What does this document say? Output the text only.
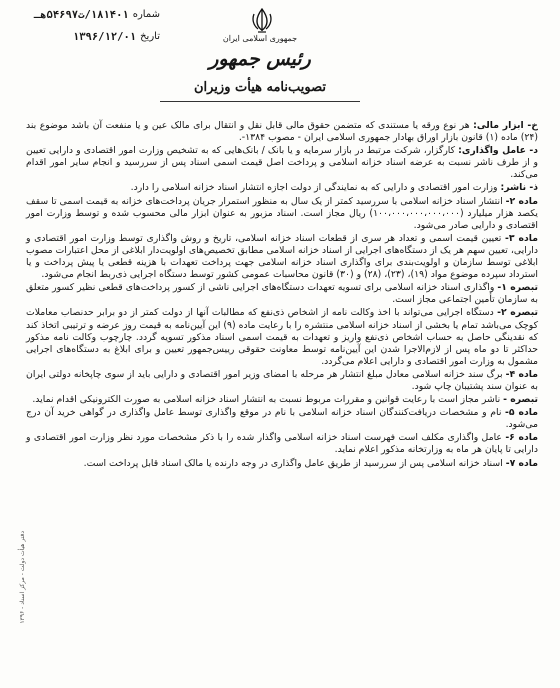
شماره
۱۸۱۴۰۱/ت۵۴۶۹۷هـ
تاریخ
۱۳۹۶/۱۲/۰۱	جمهوری اسلامی ایران
رئیس جمهور
تصویب‌نامه هیأت وزیران

خ- ابزار مالی: هر نوع ورقه یا مستندی که متضمن حقوق مالی قابل نقل و انتقال برای مالک عین و یا منفعت آن باشد موضوع بند (۲۴) ماده (۱) قانون بازار اوراق بهادار جمهوری اسلامی ایران - مصوب ۱۳۸۴-.

د- عامل واگذاری: کارگزار، شرکت مرتبط در بازار سرمایه و یا بانک / بانک‌هایی که به تشخیص وزارت امور اقتصادی و دارایی تعیین و از طرف ناشر نسبت به عرضه اسناد خزانه اسلامی و پرداخت اصل قیمت اسمی اسناد پس از سررسید و انجام سایر امور اقدام می‌کند.

ذ- ناشر: وزارت امور اقتصادی و دارایی که به نمایندگی از دولت اجازه انتشار اسناد خزانه اسلامی را دارد.

ماده ۲- انتشار اسناد خزانه اسلامی با سررسید کمتر از یک سال به منظور استمرار جریان پرداخت‌های خزانه به قیمت اسمی تا سقف یکصد هزار میلیارد (۱۰۰،۰۰۰،۰۰۰،۰۰۰،۰۰۰) ریال مجاز است. اسناد مزبور به عنوان ابزار مالی محسوب شده و توسط وزارت امور اقتصادی و دارایی صادر می‌شود.

ماده ۳- تعیین قیمت اسمی و تعداد هر سری از قطعات اسناد خزانه اسلامی، تاریخ و روش واگذاری توسط وزارت امور اقتصادی و دارایی، تعیین سهم هر یک از دستگاه‌های اجرایی از اسناد خزانه اسلامی مطابق تخصیص‌های اولویت‌دار ابلاغی از محل اعتبارات مصوب ابلاغی توسط سازمان و اولویت‌بندی برای واگذاری اسناد خزانه اسلامی جهت پرداخت تعهدات با هزینه قطعی یا پیش پرداخت و یا استرداد سپرده موضوع مواد (۱۹)، (۲۳)، (۲۸) و (۳۰) قانون محاسبات عمومی کشور توسط دستگاه اجرایی ذی‌ربط انجام می‌شود.

تبصره ۱- واگذاری اسناد خزانه اسلامی برای تسویه تعهدات دستگاه‌های اجرایی ناشی از کسور پرداخت‌های قطعی نظیر کسور متعلق به سازمان تأمین اجتماعی مجاز است.

تبصره ۲- دستگاه اجرایی می‌تواند با اخذ وکالت نامه از اشخاص ذی‌نفع که مطالبات آنها از دولت کمتر از دو برابر حدنصاب معاملات کوچک می‌باشد تمام یا بخشی از اسناد خزانه اسلامی منتشره را با رعایت ماده (۹) این آیین‌نامه به قیمت روز عرضه و ترتیبی اتخاذ کند که نقدینگی حاصل به حساب اشخاص ذی‌نفع واریز و تعهدات به قیمت اسمی اسناد مذکور تسویه گردد. چارچوب وکالت نامه مذکور حداکثر تا دو ماه پس از لازم‌الاجرا شدن این آیین‌نامه توسط معاونت حقوقی رییس‌جمهور تعیین و برای ابلاغ به دستگاه‌های اجرایی مشمول به وزارت امور اقتصادی و دارایی اعلام می‌گردد.

ماده ۴- برگ سند خزانه اسلامی معادل مبلغ انتشار هر مرحله با امضای وزیر امور اقتصادی و دارایی باید از سوی چاپخانه دولتی ایران به عنوان سند پشتیبان چاپ شود.

تبصره - ناشر مجاز است با رعایت قوانین و مقررات مربوط نسبت به انتشار اسناد خزانه اسلامی به صورت الکترونیکی اقدام نماید.

ماده ۵- نام و مشخصات دریافت‌کنندگان اسناد خزانه اسلامی با نام در موقع واگذاری توسط عامل واگذاری در گواهی خرید آن درج می‌شود.

ماده ۶- عامل واگذاری مکلف است فهرست اسناد خزانه اسلامی واگذار شده را با ذکر مشخصات مورد نظر وزارت امور اقتصادی و دارایی تا پایان هر ماه به وزارتخانه مذکور اعلام نماید.

ماده ۷- اسناد خزانه اسلامی پس از سررسید از طریق عامل واگذاری در وجه دارنده یا مالک اسناد قابل پرداخت است.

دفتر هیأت دولت - مرکز اسناد - ۱۳۹۶
